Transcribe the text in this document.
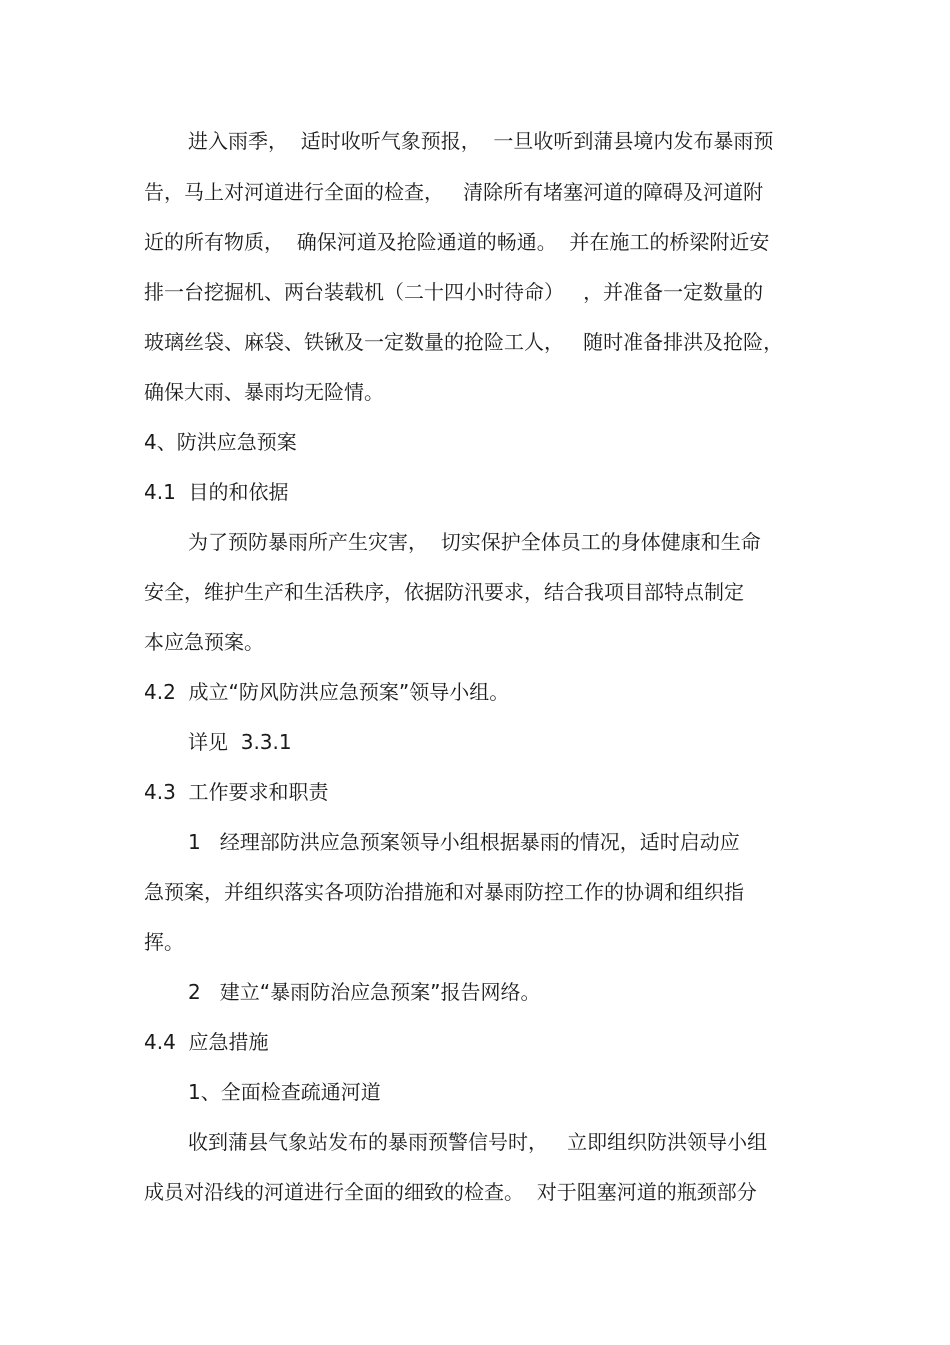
进入雨季，  适时收听气象预报，  一旦收听到蒲县境内发布暴雨预
告，马上对河道进行全面的检查，   清除所有堵塞河道的障碍及河道附
近的所有物质，  确保河道及抢险通道的畅通。  并在施工的桥梁附近安
排一台挖掘机、两台装载机（二十四小时待命）   ，并准备一定数量的
玻璃丝袋、麻袋、铁锹及一定数量的抢险工人，   随时准备排洪及抢险，
确保大雨、暴雨均无险情。
4、防洪应急预案
4.1  目的和依据
为了预防暴雨所产生灾害，  切实保护全体员工的身体健康和生命
安全，维护生产和生活秩序，依据防汛要求，结合我项目部特点制定
本应急预案。
4.2  成立“防风防洪应急预案”领导小组。
详见  3.3.1
4.3  工作要求和职责
1   经理部防洪应急预案领导小组根据暴雨的情况，适时启动应
急预案，并组织落实各项防治措施和对暴雨防控工作的协调和组织指
挥。
2   建立“暴雨防治应急预案”报告网络。
4.4  应急措施
1、全面检查疏通河道
收到蒲县气象站发布的暴雨预警信号时，   立即组织防洪领导小组
成员对沿线的河道进行全面的细致的检查。  对于阻塞河道的瓶颈部分
